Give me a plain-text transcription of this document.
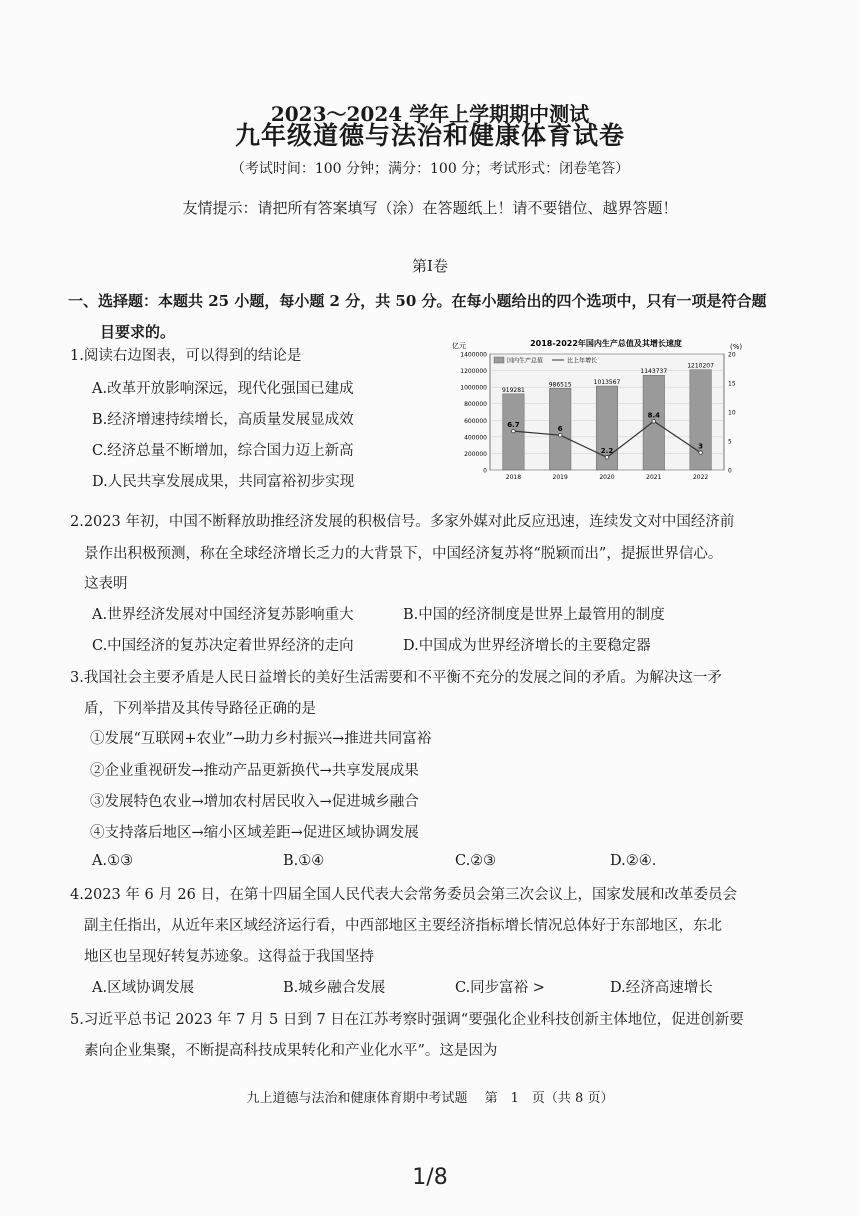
2023～2024 学年上学期期中测试
九年级道德与法治和健康体育试卷
（考试时间：100 分钟；满分：100 分；考试形式：闭卷笔答）
友情提示：请把所有答案填写（涂）在答题纸上！请不要错位、越界答题！
第Ⅰ卷
一、选择题：本题共 25 小题，每小题 2 分，共 50 分。在每小题给出的四个选项中，只有一项是符合题
目要求的。
1.阅读右边图表，可以得到的结论是
A.改革开放影响深远，现代化强国已建成
B.经济增速持续增长，高质量发展显成效
C.经济总量不断增加，综合国力迈上新高
D.人民共享发展成果，共同富裕初步实现
2018-2022年国内生产总值及其增长速度
亿元	(%)
0
200000
400000
600000
800000
1000000
1200000
1400000
0
5
10
15
20
919281
2018
986515
2019
1013567
2020
1143737
2021
1210207
2022
6.7
6
2.2
8.4
3
国内生产总值	比上年增长
2.2023 年初，中国不断释放助推经济发展的积极信号。多家外媒对此反应迅速，连续发文对中国经济前
景作出积极预测，称在全球经济增长乏力的大背景下，中国经济复苏将“脱颖而出”，提振世界信心。
这表明
A.世界经济发展对中国经济复苏影响重大	B.中国的经济制度是世界上最管用的制度
C.中国经济的复苏决定着世界经济的走向	D.中国成为世界经济增长的主要稳定器
3.我国社会主要矛盾是人民日益增长的美好生活需要和不平衡不充分的发展之间的矛盾。为解决这一矛
盾，下列举措及其传导路径正确的是
①发展“互联网+农业”→助力乡村振兴→推进共同富裕
②企业重视研发→推动产品更新换代→共享发展成果
③发展特色农业→增加农村居民收入→促进城乡融合
④支持落后地区→缩小区域差距→促进区域协调发展
A.①③	B.①④	C.②③	D.②④.
4.2023 年 6 月 26 日，在第十四届全国人民代表大会常务委员会第三次会议上，国家发展和改革委员会
副主任指出，从近年来区域经济运行看，中西部地区主要经济指标增长情况总体好于东部地区，东北
地区也呈现好转复苏迹象。这得益于我国坚持
A.区域协调发展	B.城乡融合发展	C.同步富裕 >	D.经济高速增长
5.习近平总书记 2023 年 7 月 5 日到 7 日在江苏考察时强调“要强化企业科技创新主体地位，促进创新要
素向企业集聚，不断提高科技成果转化和产业化水平”。这是因为
九上道德与法治和健康体育期中考试题　 第　1　页（共 8 页）
1/8
